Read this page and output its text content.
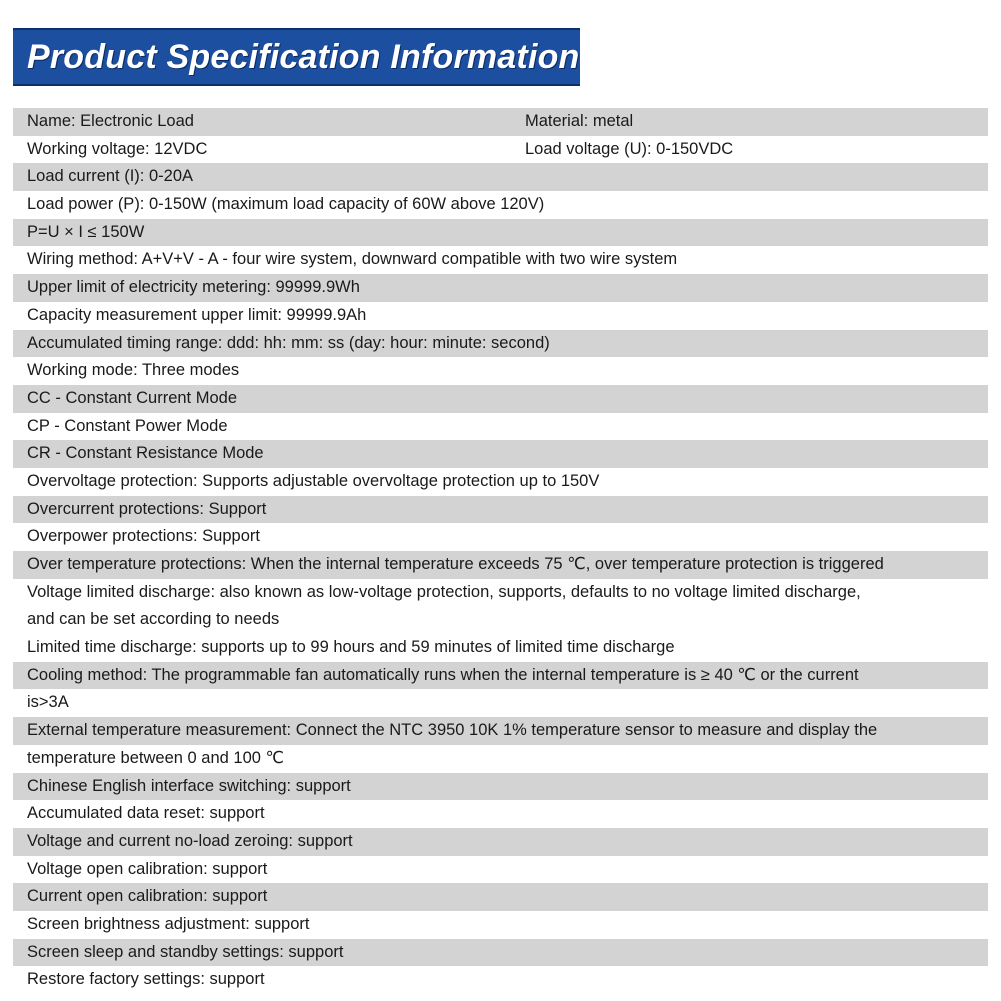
Product Specification Information
Name: Electronic Load	Material: metal
Working voltage: 12VDC	Load voltage (U): 0-150VDC
Load current (I): 0-20A
Load power (P): 0-150W (maximum load capacity of 60W above 120V)
P=U × I ≤ 150W
Wiring method: A+V+V - A - four wire system, downward compatible with two wire system
Upper limit of electricity metering: 99999.9Wh
Capacity measurement upper limit: 99999.9Ah
Accumulated timing range: ddd: hh: mm: ss (day: hour: minute: second)
Working mode: Three modes
CC - Constant Current Mode
CP - Constant Power Mode
CR - Constant Resistance Mode
Overvoltage protection: Supports adjustable overvoltage protection up to 150V
Overcurrent protections: Support
Overpower protections: Support
Over temperature protections: When the internal temperature exceeds 75 ℃, over temperature protection is triggered
Voltage limited discharge: also known as low-voltage protection, supports, defaults to no voltage limited discharge,
and can be set according to needs
Limited time discharge: supports up to 99 hours and 59 minutes of limited time discharge
Cooling method: The programmable fan automatically runs when the internal temperature is ≥ 40 ℃ or the current
is>3A
External temperature measurement: Connect the NTC 3950 10K 1% temperature sensor to measure and display the
temperature between 0 and 100 ℃
Chinese English interface switching: support
Accumulated data reset: support
Voltage and current no-load zeroing: support
Voltage open calibration: support
Current open calibration: support
Screen brightness adjustment: support
Screen sleep and standby settings: support
Restore factory settings: support
